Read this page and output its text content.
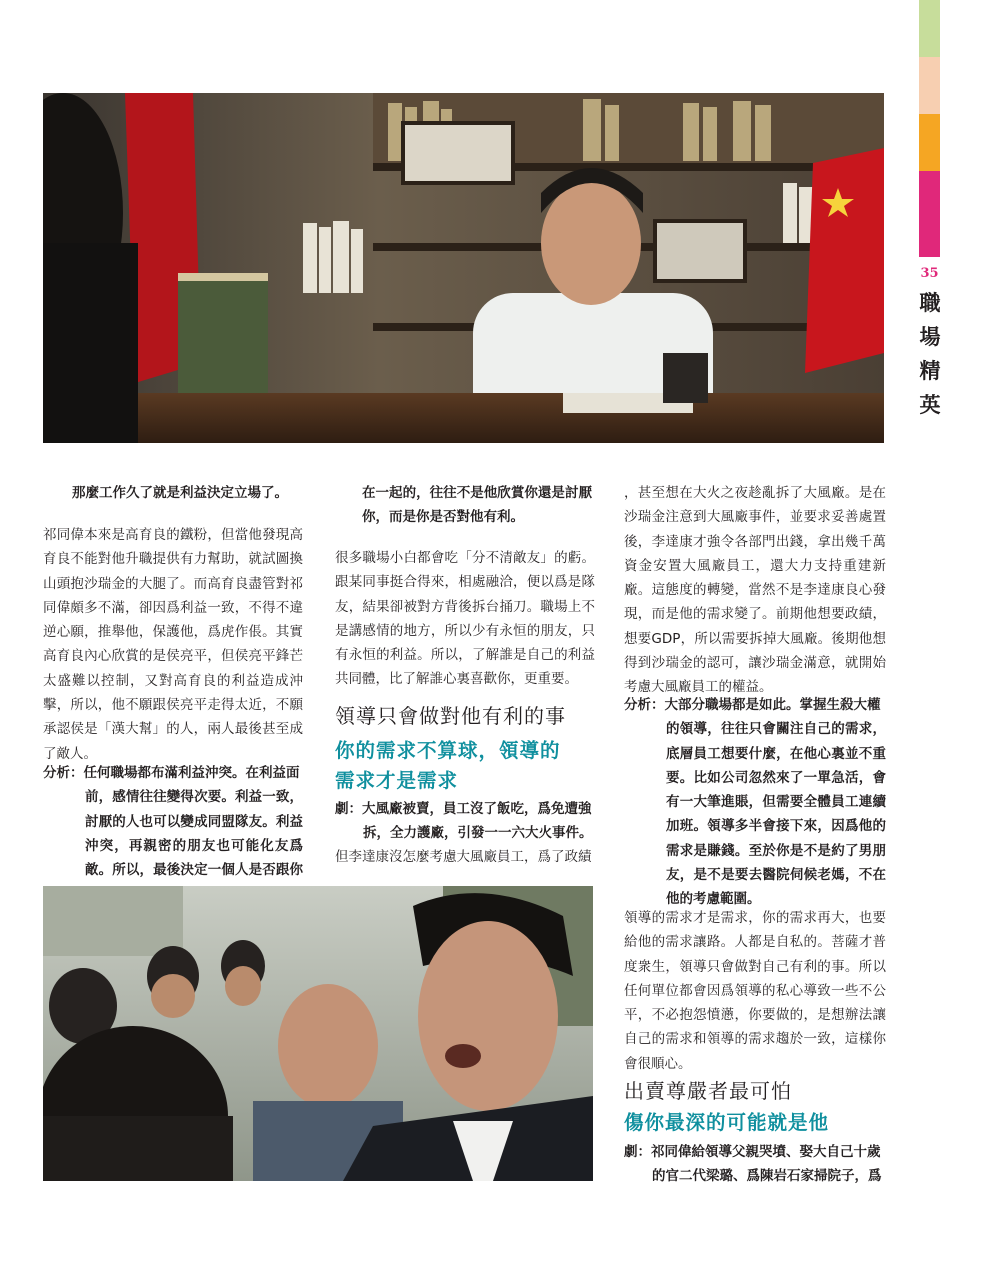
35
職場精英
那麼工作久了就是利益決定立場了。
祁同偉本來是高育良的鐵粉，但當他發現高育良不能對他升職提供有力幫助，就試圖換山頭抱沙瑞金的大腿了。而高育良盡管對祁同偉頗多不滿，卻因爲利益一致，不得不違逆心願，推舉他，保護他，爲虎作倀。其實高育良內心欣賞的是侯亮平，但侯亮平鋒芒太盛難以控制，又對高育良的利益造成沖擊，所以，他不願跟侯亮平走得太近，不願承認侯是「漢大幫」的人，兩人最後甚至成了敵人。
分析：任何職場都布滿利益沖突。在利益面
前，感情往往變得次要。利益一致，討厭的人也可以變成同盟隊友。利益沖突，再親密的朋友也可能化友爲敵。所以，最後決定一個人是否跟你
在一起的，往往不是他欣賞你還是討厭你，而是你是否對他有利。
很多職場小白都會吃「分不清敵友」的虧。跟某同事挺合得來，相處融洽，便以爲是隊友，結果卻被對方背後拆台捅刀。職場上不是講感情的地方，所以少有永恒的朋友，只有永恒的利益。所以，了解誰是自己的利益共同體，比了解誰心裏喜歡你，更重要。
領導只會做對他有利的事
你的需求不算球，領導的
需求才是需求
劇：大風廠被賣，員工沒了飯吃，爲免遭強
拆，全力護廠，引發一一六大火事件。
但李達康沒怎麼考慮大風廠員工，爲了政績
，甚至想在大火之夜趁亂拆了大風廠。是在沙瑞金注意到大風廠事件，並要求妥善處置後，李達康才強令各部門出錢，拿出幾千萬資金安置大風廠員工，還大力支持重建新廠。這態度的轉變，當然不是李達康良心發現，而是他的需求變了。前期他想要政績，想要GDP，所以需要拆掉大風廠。後期他想得到沙瑞金的認可，讓沙瑞金滿意，就開始考慮大風廠員工的權益。
分析：大部分職場都是如此。掌握生殺大權
的領導，往往只會關注自己的需求，底層員工想要什麼，在他心裏並不重要。比如公司忽然來了一單急活，會有一大筆進賬，但需要全體員工連續加班。領導多半會接下來，因爲他的需求是賺錢。至於你是不是約了男朋友，是不是要去醫院伺候老媽，不在他的考慮範圍。
領導的需求才是需求，你的需求再大，也要給他的需求讓路。人都是自私的。菩薩才普度衆生，領導只會做對自己有利的事。所以任何單位都會因爲領導的私心導致一些不公平，不必抱怨憤懣，你要做的，是想辦法讓自己的需求和領導的需求趨於一致，這樣你會很順心。
出賣尊嚴者最可怕
傷你最深的可能就是他
劇：祁同偉給領導父親哭墳、娶大自己十歲
的官二代梁璐、爲陳岩石家掃院子，爲
